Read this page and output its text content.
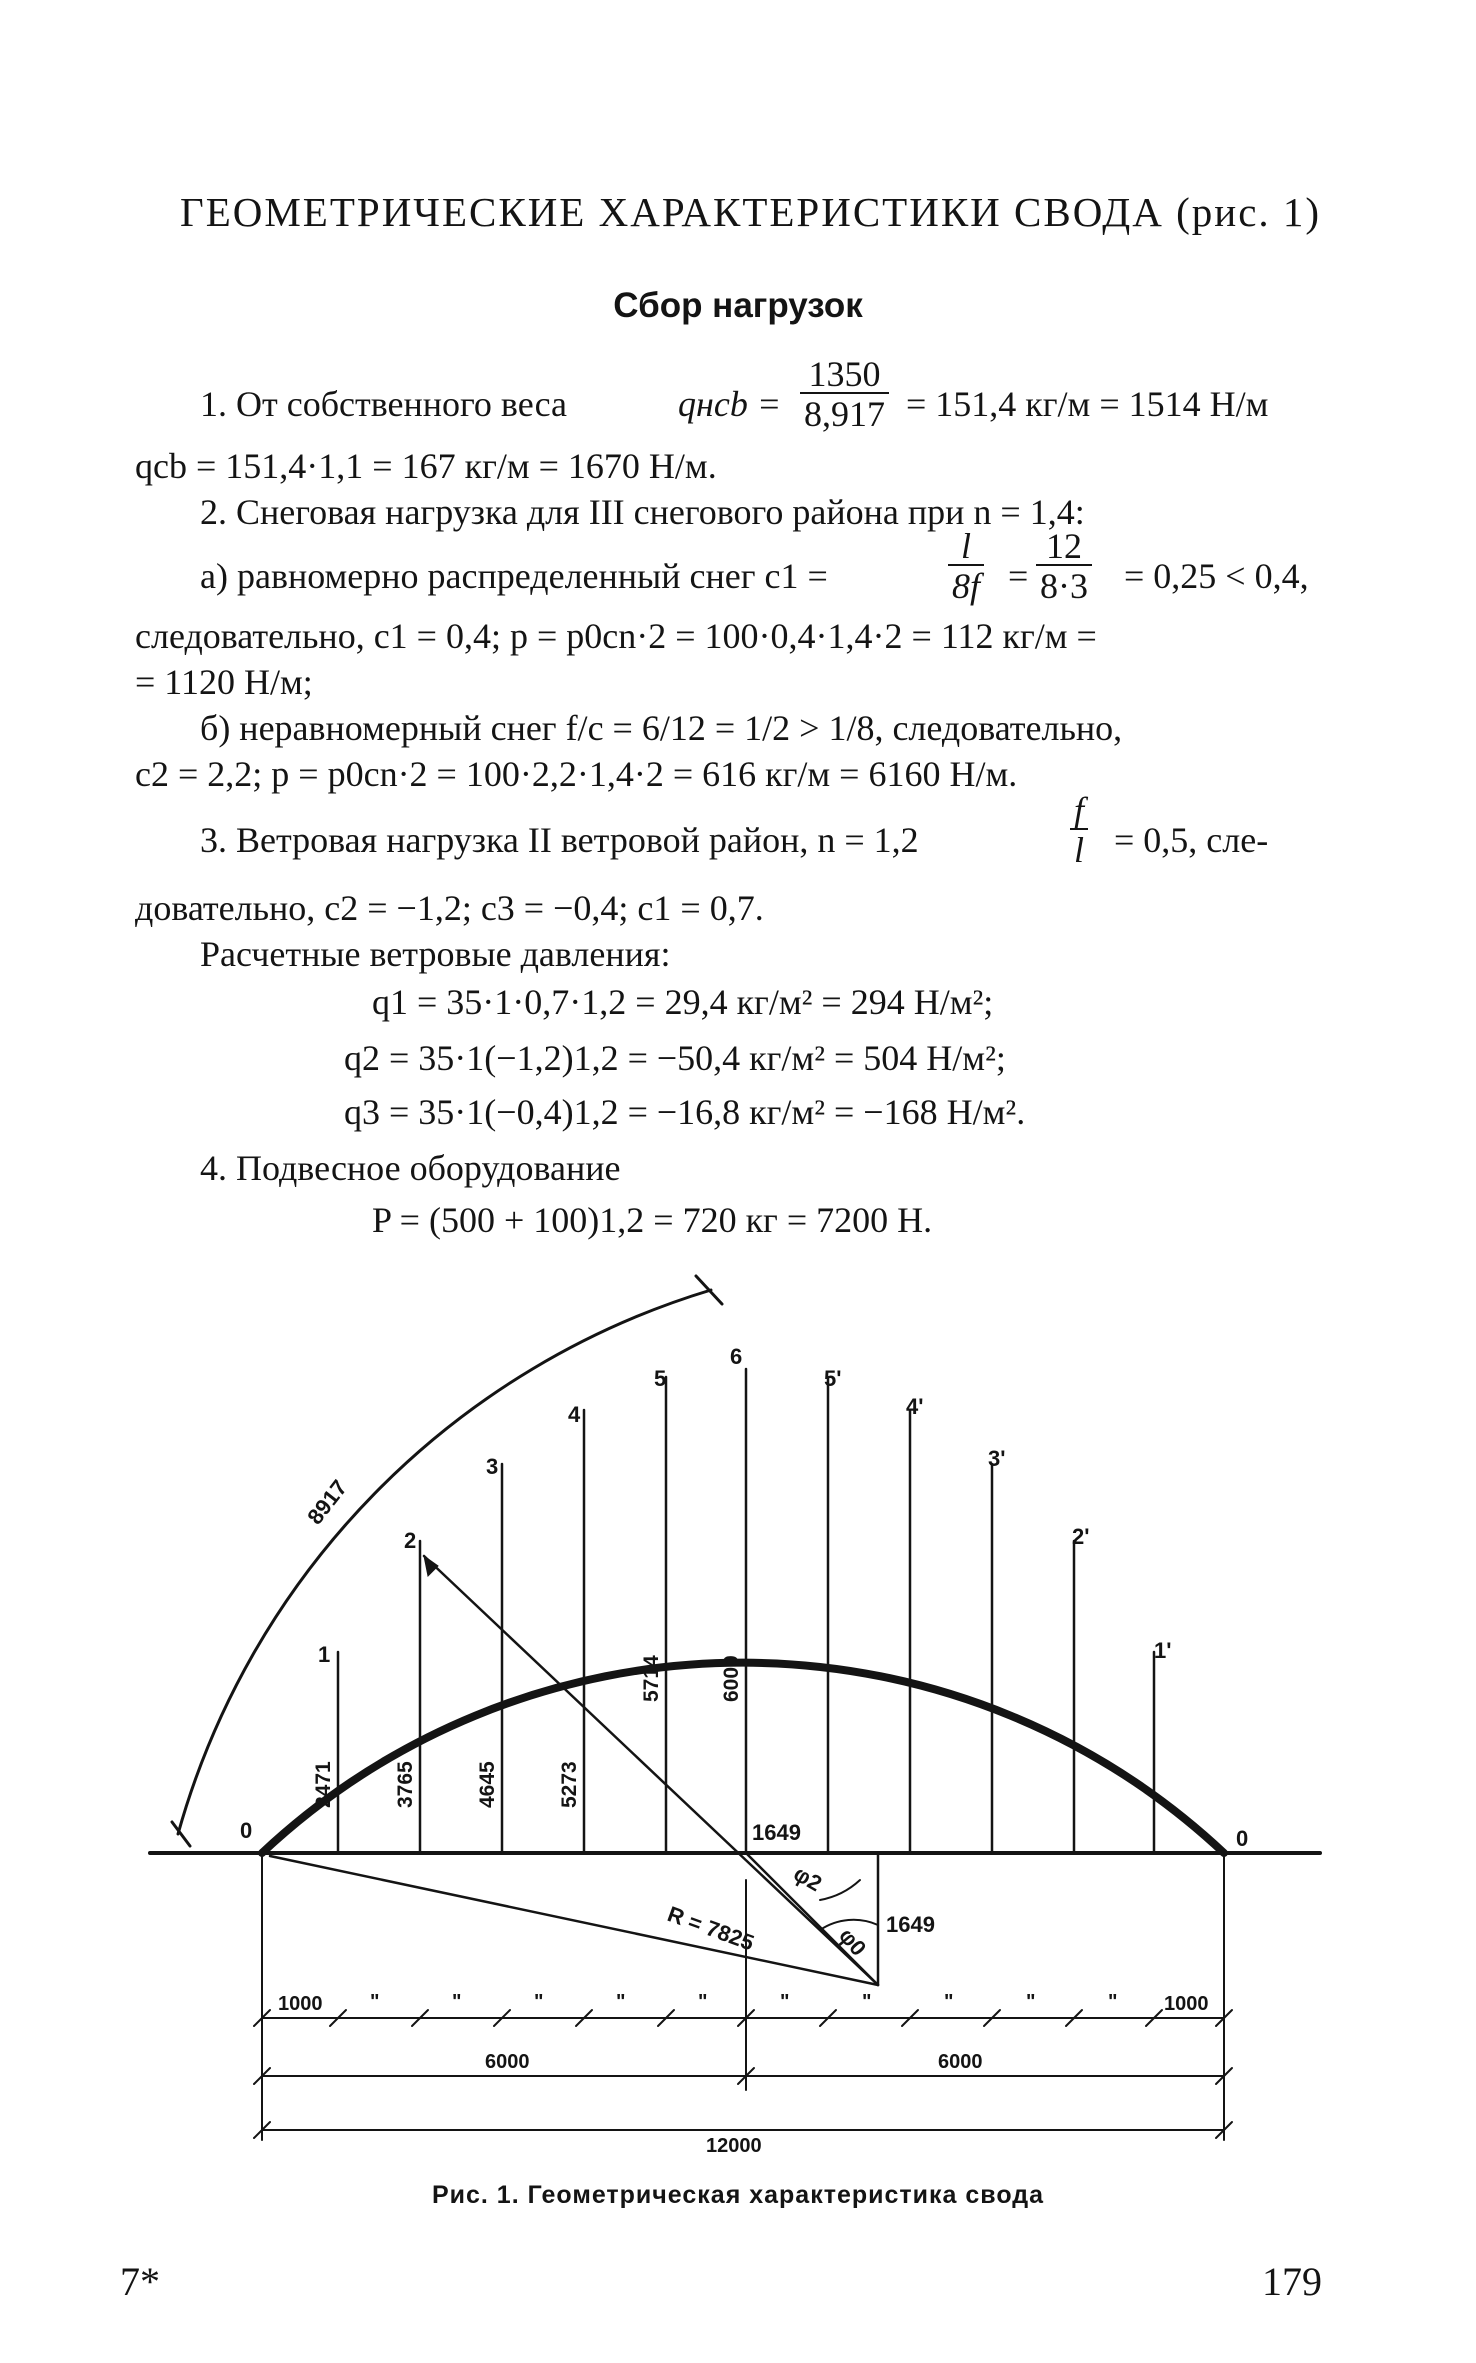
ГЕОМЕТРИЧЕСКИЕ ХАРАКТЕРИСТИКИ СВОДА (рис. 1)
Сбор нагрузок
1. От собственного веса	qнсb = $\frac{1350}{8,917} = 151,4$ кг/м = 1514 Н/м
qcb = 151,4·1,1 = 167 кг/м = 1670 Н/м.
2. Снеговая нагрузка для III снегового района при n = 1,4:
а) равномерно распределенный снег c1 =	$\frac{l}{8f} = \frac{12}{8\cdot 3} = 0,25 < 0,4$,
следовательно, c1 = 0,4; p = p0cn·2 = 100·0,4·1,4·2 = 112 кг/м =
= 1120 Н/м;
б) неравномерный снег f/c = 6/12 = 1/2 > 1/8, следовательно,
c2 = 2,2; p = p0cn·2 = 100·2,2·1,4·2 = 616 кг/м = 6160 Н/м.
3. Ветровая нагрузка II ветровой район, n = 1,2	$\frac{f}{l} = 0,5$, сле-
довательно, c2 = −1,2; c3 = −0,4; c1 = 0,7.
Расчетные ветровые давления:
q1 = 35·1·0,7·1,2 = 29,4 кг/м² = 294 Н/м²;
q2 = 35·1(−1,2)1,2 = −50,4 кг/м² = 504 Н/м²;
q3 = 35·1(−0,4)1,2 = −16,8 кг/м² = −168 Н/м².
4. Подвесное оборудование
P = (500 + 100)1,2 = 720 кг = 7200 Н.
8917
R = 7825
1649
1649
φ2
φ0
2471	3765	4645	5273
5714	6000
0
1
2
3
4
5
6
5'
4'
3'
2'
1'
0
1000	1000
"	"	"	"	"	"	"	"	"	"
6000	6000
12000
Рис. 1. Геометрическая характеристика свода
7*	179
